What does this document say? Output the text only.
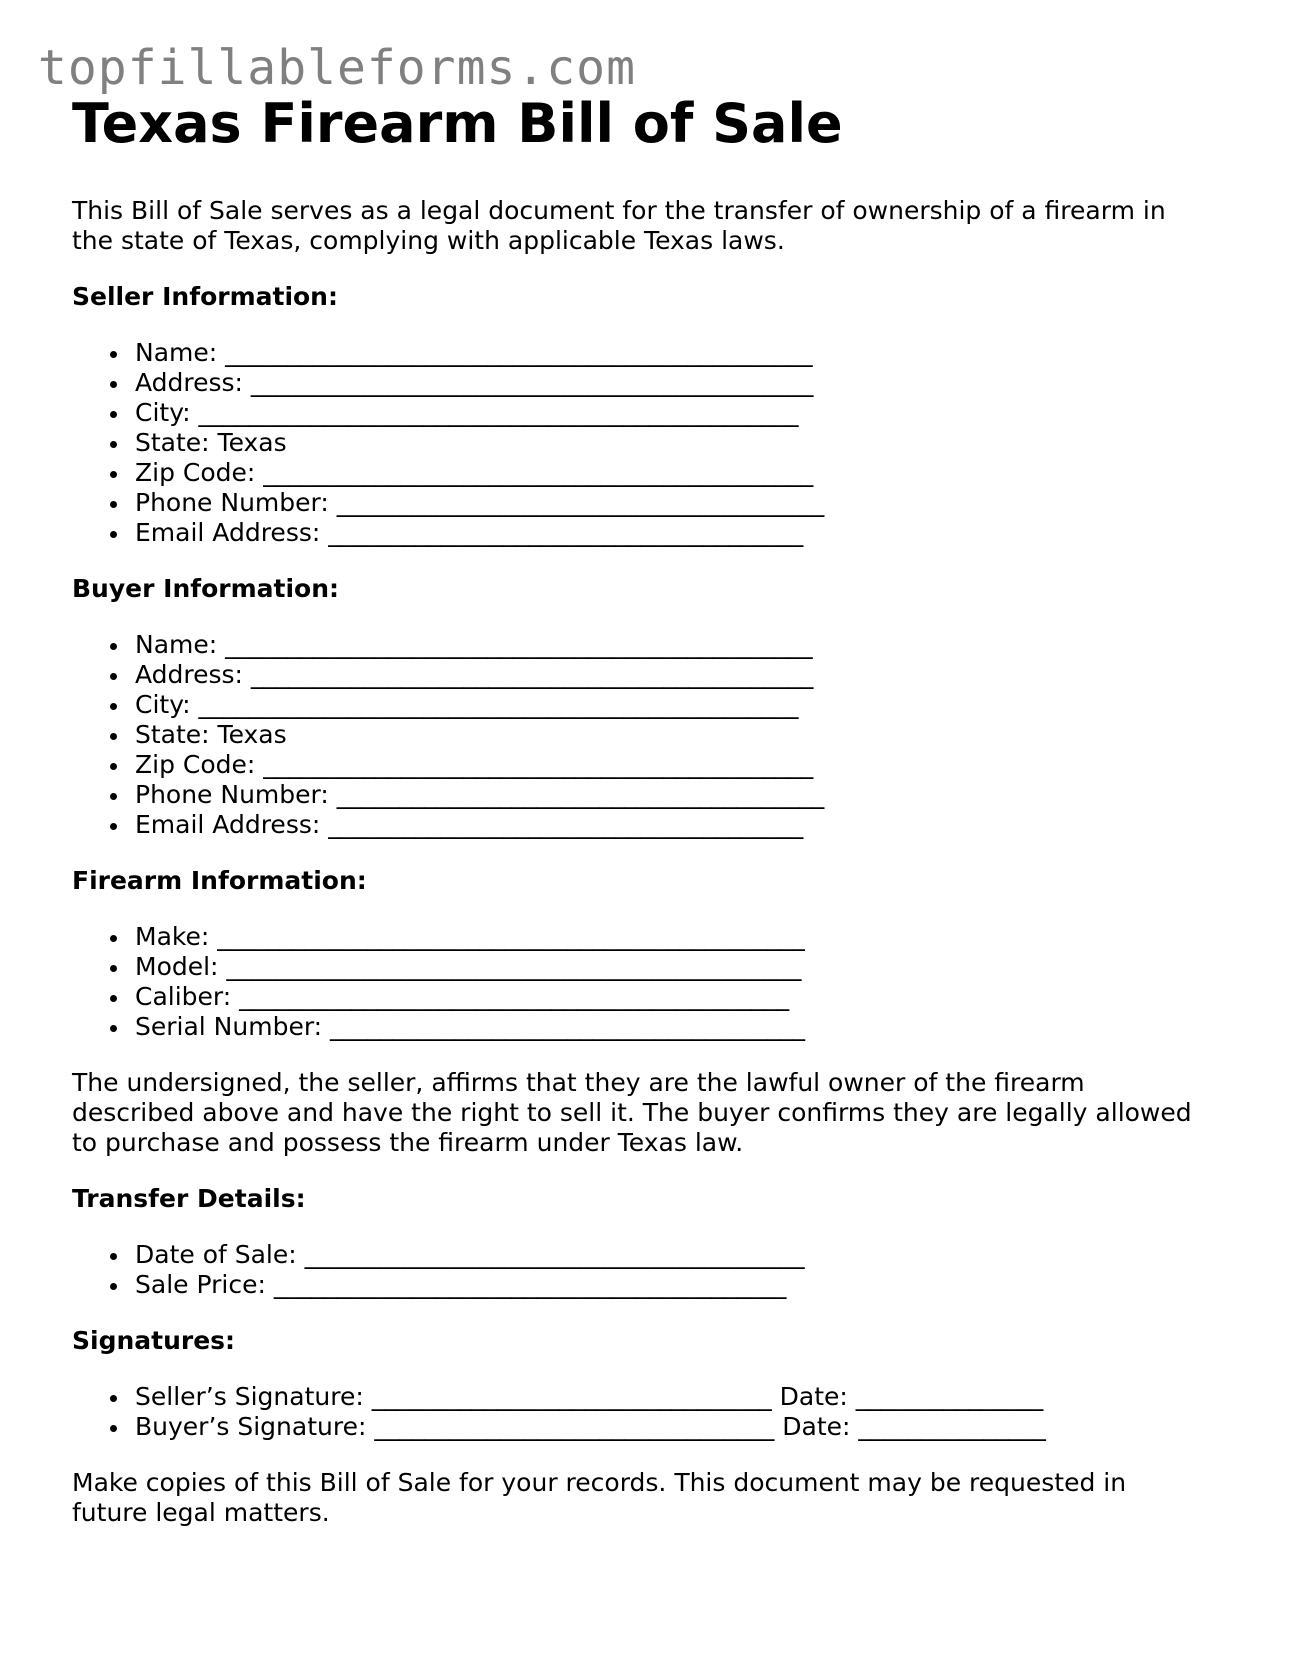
topfillableforms.com
Texas Firearm Bill of Sale

This Bill of Sale serves as a legal document for the transfer of ownership of a firearm in
the state of Texas, complying with applicable Texas laws.

Seller Information:
Name: _______________________________________________
Address: _____________________________________________
City: ________________________________________________
State: Texas
Zip Code: ____________________________________________
Phone Number: _______________________________________
Email Address: ______________________________________
Buyer Information:
Name: _______________________________________________
Address: _____________________________________________
City: ________________________________________________
State: Texas
Zip Code: ____________________________________________
Phone Number: _______________________________________
Email Address: ______________________________________
Firearm Information:
Make: _______________________________________________
Model: ______________________________________________
Caliber: ____________________________________________
Serial Number: ______________________________________

The undersigned, the seller, affirms that they are the lawful owner of the firearm
described above and have the right to sell it. The buyer confirms they are legally allowed
to purchase and possess the firearm under Texas law.

Transfer Details:
Date of Sale: ________________________________________
Sale Price: _________________________________________
Signatures:
Seller’s Signature: ________________________________ Date: _______________
Buyer’s Signature: ________________________________ Date: _______________

Make copies of this Bill of Sale for your records. This document may be requested in
future legal matters.
